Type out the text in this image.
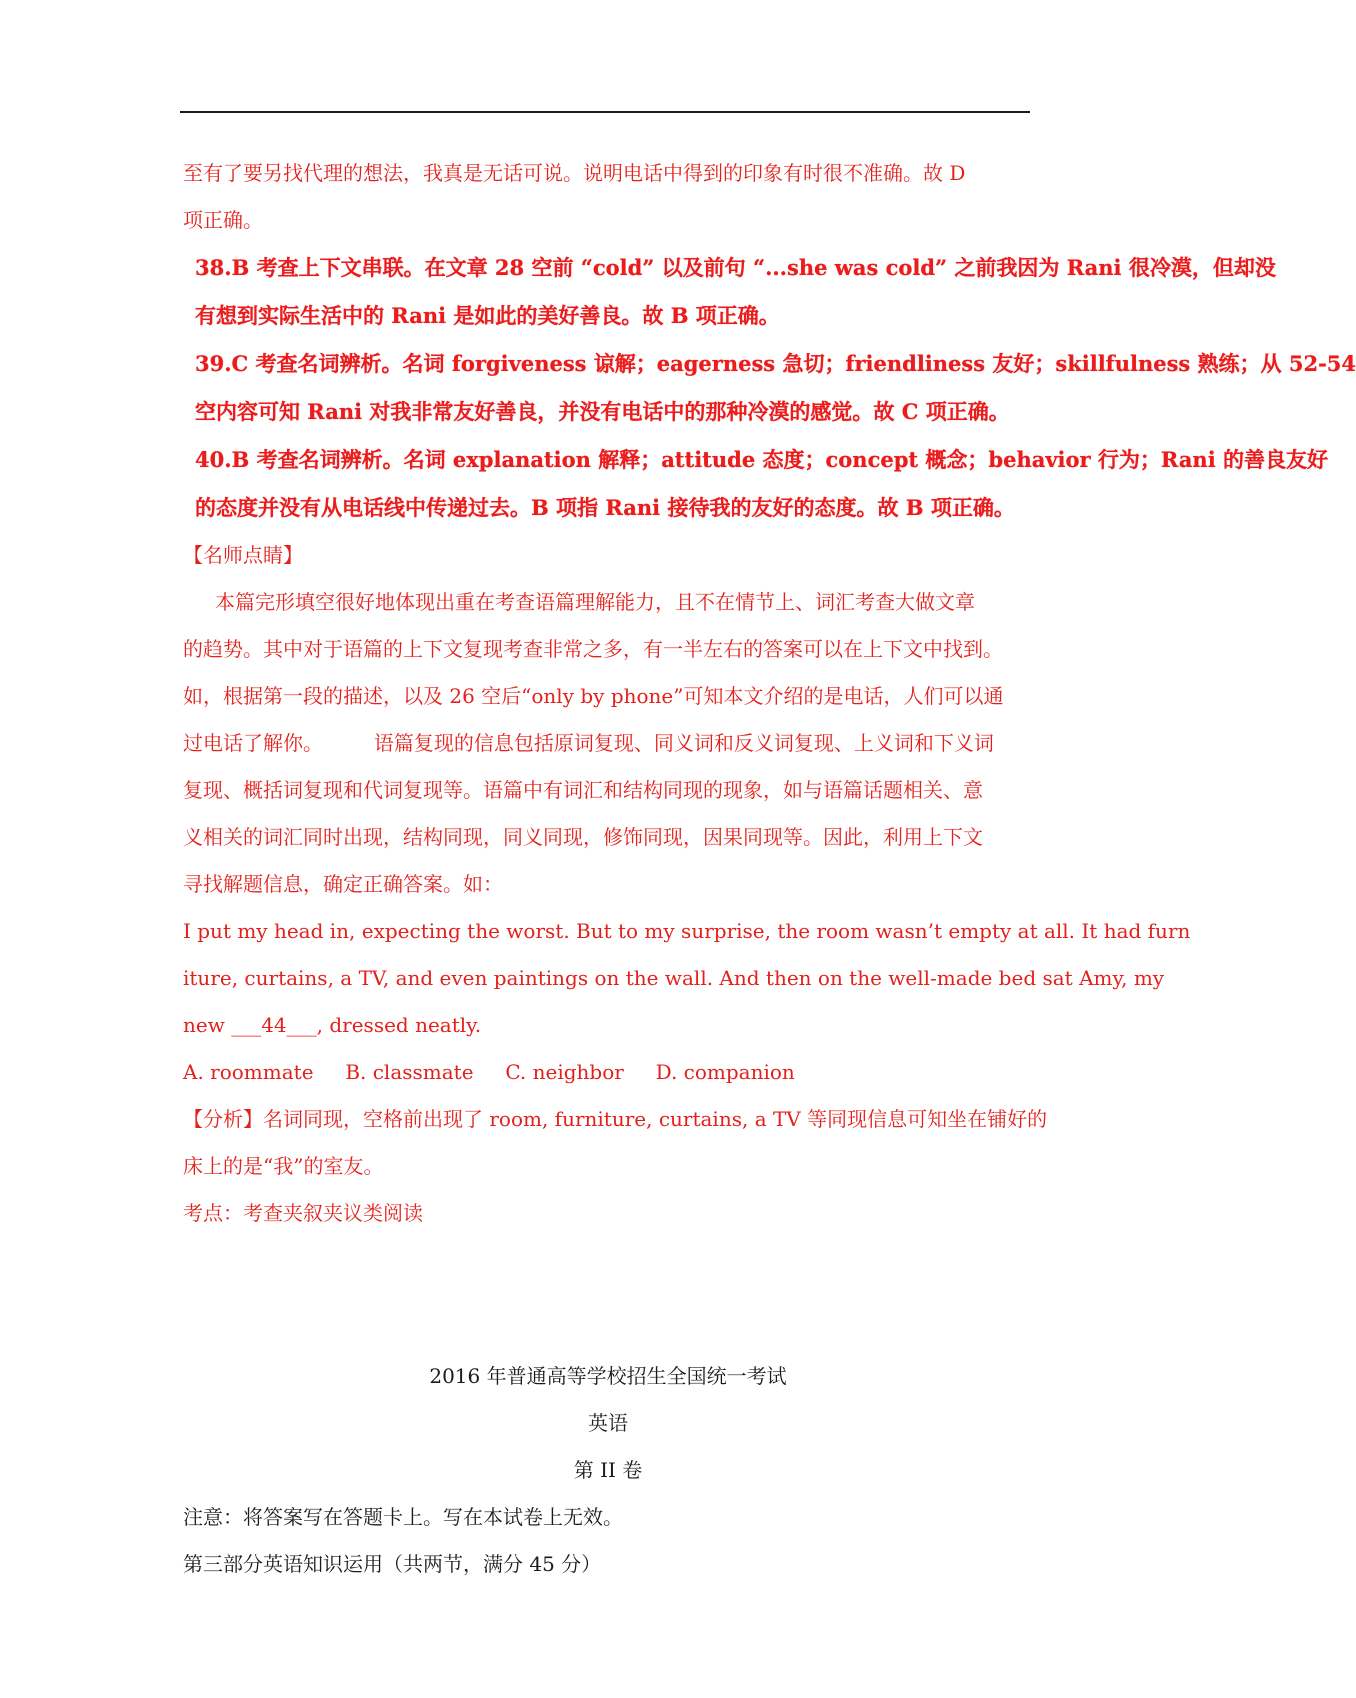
至有了要另找代理的想法，我真是无话可说。说明电话中得到的印象有时很不准确。故 D
项正确。
38.B 考查上下文串联。在文章 28 空前 “cold” 以及前句 “...she was cold” 之前我因为 Rani 很冷漠，但却没
有想到实际生活中的 Rani 是如此的美好善良。故 B 项正确。
39.C 考查名词辨析。名词 forgiveness 谅解；eagerness 急切；friendliness 友好；skillfulness 熟练；从 52-54
空内容可知 Rani 对我非常友好善良，并没有电话中的那种冷漠的感觉。故 C 项正确。
40.B 考查名词辨析。名词 explanation 解释；attitude 态度；concept 概念；behavior 行为；Rani 的善良友好
的态度并没有从电话线中传递过去。B 项指 Rani 接待我的友好的态度。故 B 项正确。
【名师点睛】
本篇完形填空很好地体现出重在考查语篇理解能力，且不在情节上、词汇考查大做文章
的趋势。其中对于语篇的上下文复现考查非常之多，有一半左右的答案可以在上下文中找到。
如，根据第一段的描述，以及 26 空后“only by phone”可知本文介绍的是电话，人们可以通
过电话了解你。        语篇复现的信息包括原词复现、同义词和反义词复现、上义词和下义词
复现、概括词复现和代词复现等。语篇中有词汇和结构同现的现象，如与语篇话题相关、意
义相关的词汇同时出现，结构同现，同义同现，修饰同现，因果同现等。因此，利用上下文
寻找解题信息，确定正确答案。如：
I put my head in, expecting the worst. But to my surprise, the room wasn’t empty at all. It had furn
iture, curtains, a TV, and even paintings on the wall. And then on the well-made bed sat Amy, my
new ___44___, dressed neatly.
A. roommate     B. classmate     C. neighbor     D. companion
【分析】名词同现，空格前出现了 room, furniture, curtains, a TV 等同现信息可知坐在铺好的
床上的是“我”的室友。
考点：考查夹叙夹议类阅读
2016 年普通高等学校招生全国统一考试
英语
第 II 卷
注意：将答案写在答题卡上。写在本试卷上无效。
第三部分英语知识运用（共两节，满分 45 分）
